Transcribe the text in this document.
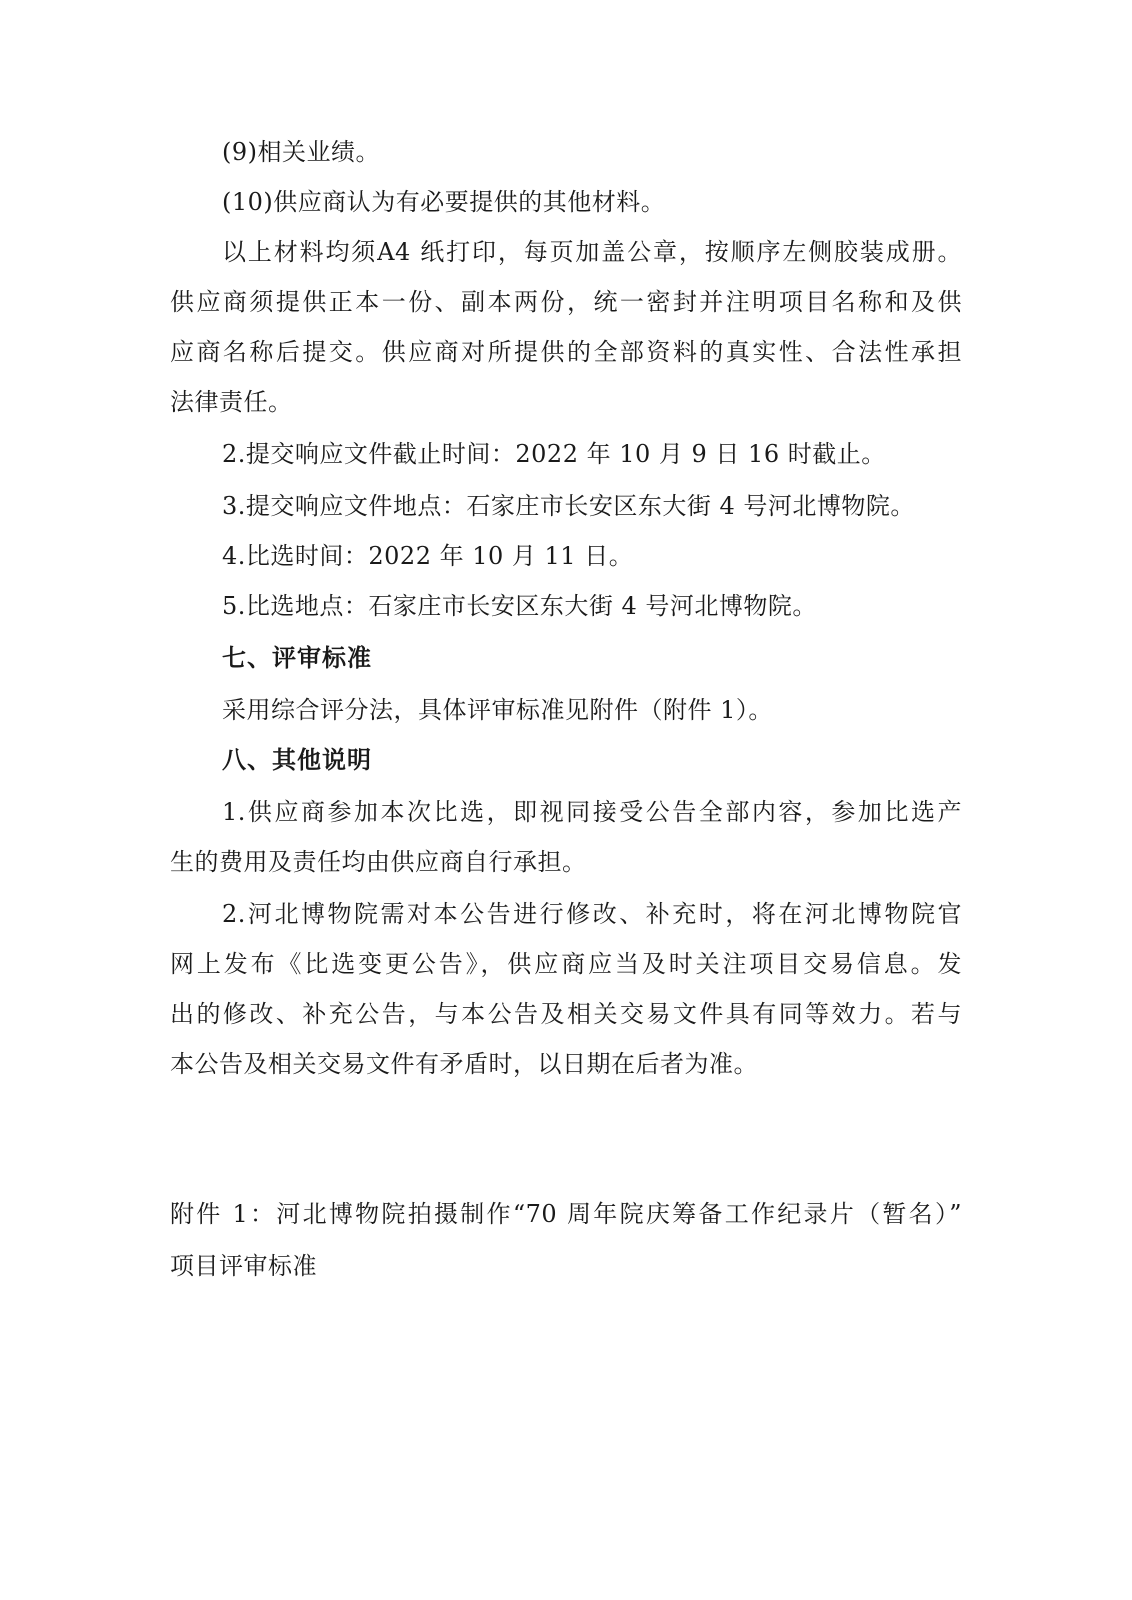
(9)相关业绩。
(10)供应商认为有必要提供的其他材料。
以上材料均须A4 纸打印，每页加盖公章，按顺序左侧胶装成册。
供应商须提供正本一份、副本两份，统一密封并注明项目名称和及供
应商名称后提交。供应商对所提供的全部资料的真实性、合法性承担
法律责任。
2.提交响应文件截止时间：2022 年 10 月 9 日 16 时截止。
3.提交响应文件地点：石家庄市长安区东大街 4 号河北博物院。
4.比选时间：2022 年 10 月 11 日。
5.比选地点：石家庄市长安区东大街 4 号河北博物院。
七、评审标准
采用综合评分法，具体评审标准见附件（附件 1）。
八、其他说明
1.供应商参加本次比选，即视同接受公告全部内容，参加比选产
生的费用及责任均由供应商自行承担。
2.河北博物院需对本公告进行修改、补充时，将在河北博物院官
网上发布《比选变更公告》，供应商应当及时关注项目交易信息。发
出的修改、补充公告，与本公告及相关交易文件具有同等效力。若与
本公告及相关交易文件有矛盾时，以日期在后者为准。
附件 1：河北博物院拍摄制作“70 周年院庆筹备工作纪录片（暂名）”
项目评审标准
